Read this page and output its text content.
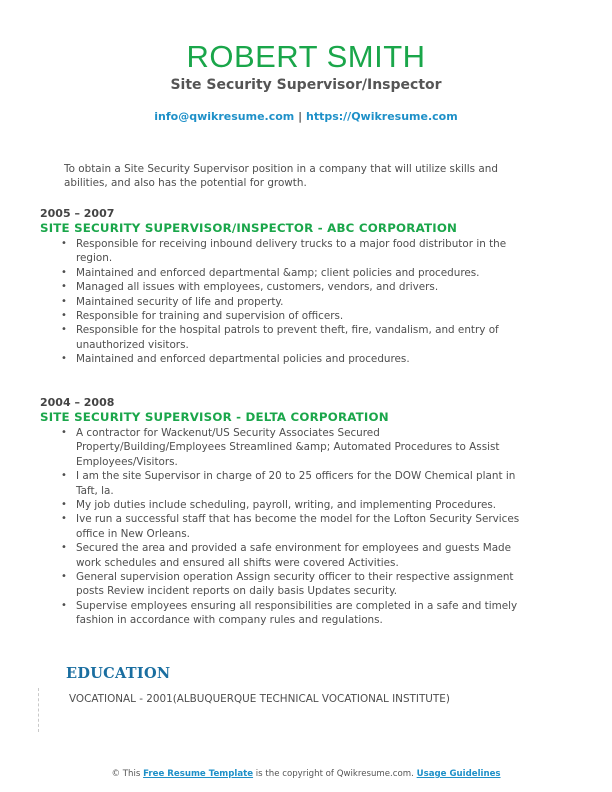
ROBERT SMITH
Site Security Supervisor/Inspector
info@qwikresume.com | https://Qwikresume.com
To obtain a Site Security Supervisor position in a company that will utilize skills and abilities, and also has the potential for growth.
2005 – 2007
SITE SECURITY SUPERVISOR/INSPECTOR - ABC CORPORATION
• Responsible for receiving inbound delivery trucks to a major food distributor in the region.
• Maintained and enforced departmental &amp; client policies and procedures.
• Managed all issues with employees, customers, vendors, and drivers.
• Maintained security of life and property.
• Responsible for training and supervision of officers.
• Responsible for the hospital patrols to prevent theft, fire, vandalism, and entry of unauthorized visitors.
• Maintained and enforced departmental policies and procedures.
2004 – 2008
SITE SECURITY SUPERVISOR - DELTA CORPORATION
• A contractor for Wackenut/US Security Associates Secured Property/Building/Employees Streamlined &amp; Automated Procedures to Assist Employees/Visitors.
• I am the site Supervisor in charge of 20 to 25 officers for the DOW Chemical plant in Taft, la.
• My job duties include scheduling, payroll, writing, and implementing Procedures.
• Ive run a successful staff that has become the model for the Lofton Security Services office in New Orleans.
• Secured the area and provided a safe environment for employees and guests Made work schedules and ensured all shifts were covered Activities.
• General supervision operation Assign security officer to their respective assignment posts Review incident reports on daily basis Updates security.
• Supervise employees ensuring all responsibilities are completed in a safe and timely fashion in accordance with company rules and regulations.
EDUCATION
VOCATIONAL - 2001(ALBUQUERQUE TECHNICAL VOCATIONAL INSTITUTE)
© This Free Resume Template is the copyright of Qwikresume.com. Usage Guidelines
